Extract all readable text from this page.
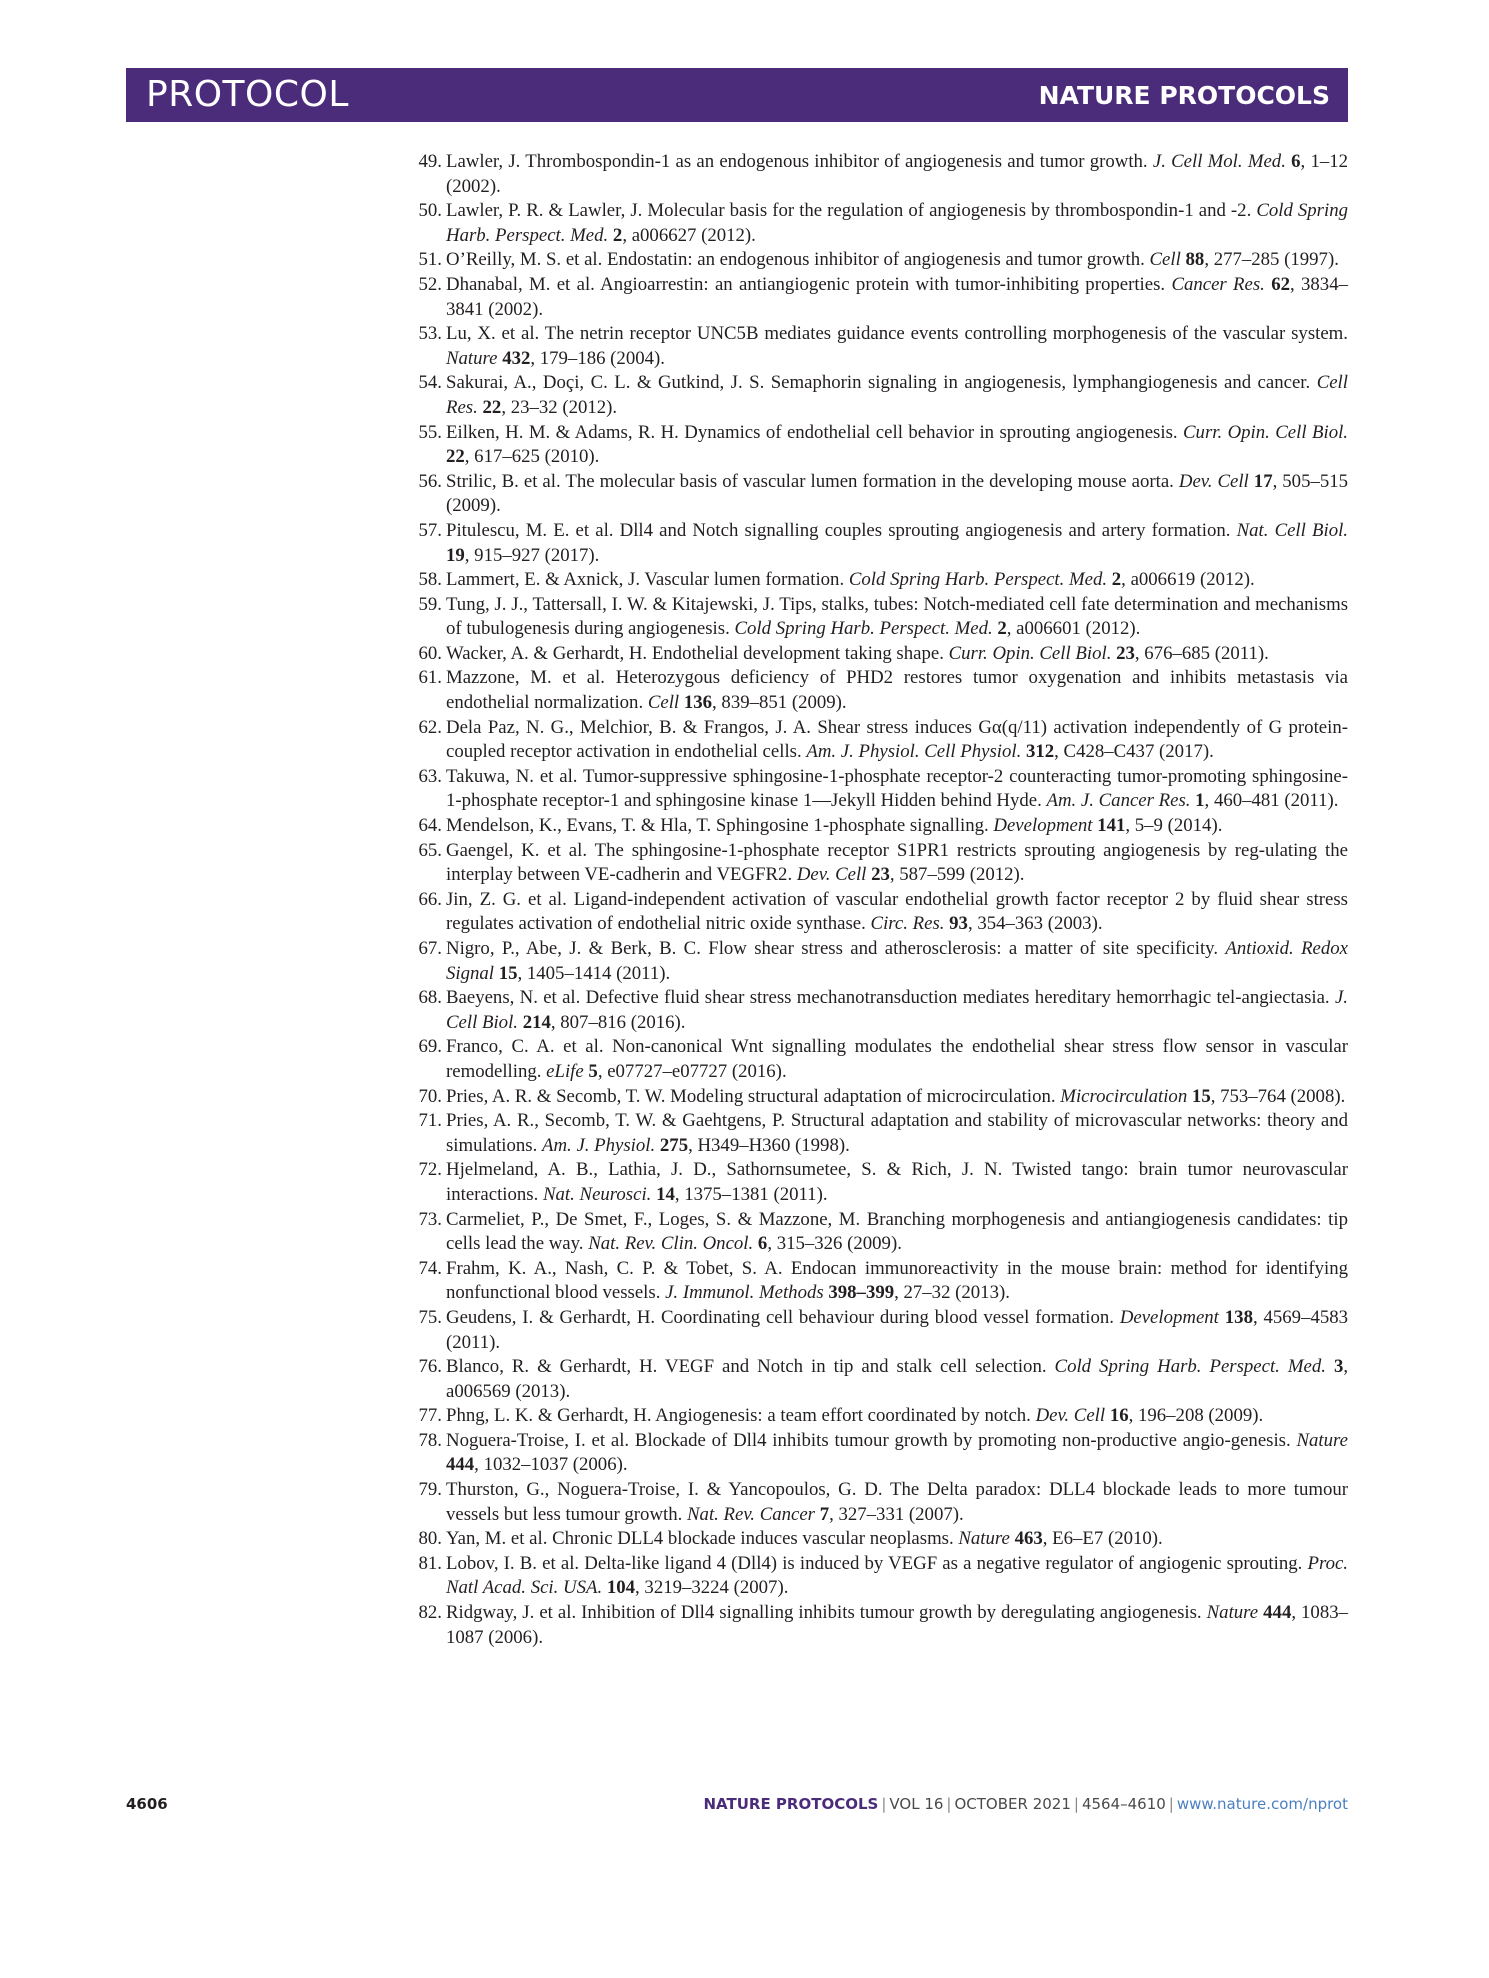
PROTOCOL	NATURE PROTOCOLS
49. Lawler, J. Thrombospondin-1 as an endogenous inhibitor of angiogenesis and tumor growth. J. Cell Mol. Med. 6, 1–12 (2002).
50. Lawler, P. R. & Lawler, J. Molecular basis for the regulation of angiogenesis by thrombospondin-1 and -2. Cold Spring Harb. Perspect. Med. 2, a006627 (2012).
51. O’Reilly, M. S. et al. Endostatin: an endogenous inhibitor of angiogenesis and tumor growth. Cell 88, 277–285 (1997).
52. Dhanabal, M. et al. Angioarrestin: an antiangiogenic protein with tumor-inhibiting properties. Cancer Res. 62, 3834–3841 (2002).
53. Lu, X. et al. The netrin receptor UNC5B mediates guidance events controlling morphogenesis of the vascular system. Nature 432, 179–186 (2004).
54. Sakurai, A., Doçi, C. L. & Gutkind, J. S. Semaphorin signaling in angiogenesis, lymphangiogenesis and cancer. Cell Res. 22, 23–32 (2012).
55. Eilken, H. M. & Adams, R. H. Dynamics of endothelial cell behavior in sprouting angiogenesis. Curr. Opin. Cell Biol. 22, 617–625 (2010).
56. Strilic, B. et al. The molecular basis of vascular lumen formation in the developing mouse aorta. Dev. Cell 17, 505–515 (2009).
57. Pitulescu, M. E. et al. Dll4 and Notch signalling couples sprouting angiogenesis and artery formation. Nat. Cell Biol. 19, 915–927 (2017).
58. Lammert, E. & Axnick, J. Vascular lumen formation. Cold Spring Harb. Perspect. Med. 2, a006619 (2012).
59. Tung, J. J., Tattersall, I. W. & Kitajewski, J. Tips, stalks, tubes: Notch-mediated cell fate determination and mechanisms of tubulogenesis during angiogenesis. Cold Spring Harb. Perspect. Med. 2, a006601 (2012).
60. Wacker, A. & Gerhardt, H. Endothelial development taking shape. Curr. Opin. Cell Biol. 23, 676–685 (2011).
61. Mazzone, M. et al. Heterozygous deficiency of PHD2 restores tumor oxygenation and inhibits metastasis via endothelial normalization. Cell 136, 839–851 (2009).
62. Dela Paz, N. G., Melchior, B. & Frangos, J. A. Shear stress induces Gα(q/11) activation independently of G protein-coupled receptor activation in endothelial cells. Am. J. Physiol. Cell Physiol. 312, C428–C437 (2017).
63. Takuwa, N. et al. Tumor-suppressive sphingosine-1-phosphate receptor-2 counteracting tumor-promoting sphingosine-1-phosphate receptor-1 and sphingosine kinase 1—Jekyll Hidden behind Hyde. Am. J. Cancer Res. 1, 460–481 (2011).
64. Mendelson, K., Evans, T. & Hla, T. Sphingosine 1-phosphate signalling. Development 141, 5–9 (2014).
65. Gaengel, K. et al. The sphingosine-1-phosphate receptor S1PR1 restricts sprouting angiogenesis by reg-ulating the interplay between VE-cadherin and VEGFR2. Dev. Cell 23, 587–599 (2012).
66. Jin, Z. G. et al. Ligand-independent activation of vascular endothelial growth factor receptor 2 by fluid shear stress regulates activation of endothelial nitric oxide synthase. Circ. Res. 93, 354–363 (2003).
67. Nigro, P., Abe, J. & Berk, B. C. Flow shear stress and atherosclerosis: a matter of site specificity. Antioxid. Redox Signal 15, 1405–1414 (2011).
68. Baeyens, N. et al. Defective fluid shear stress mechanotransduction mediates hereditary hemorrhagic tel-angiectasia. J. Cell Biol. 214, 807–816 (2016).
69. Franco, C. A. et al. Non-canonical Wnt signalling modulates the endothelial shear stress flow sensor in vascular remodelling. eLife 5, e07727–e07727 (2016).
70. Pries, A. R. & Secomb, T. W. Modeling structural adaptation of microcirculation. Microcirculation 15, 753–764 (2008).
71. Pries, A. R., Secomb, T. W. & Gaehtgens, P. Structural adaptation and stability of microvascular networks: theory and simulations. Am. J. Physiol. 275, H349–H360 (1998).
72. Hjelmeland, A. B., Lathia, J. D., Sathornsumetee, S. & Rich, J. N. Twisted tango: brain tumor neurovascular interactions. Nat. Neurosci. 14, 1375–1381 (2011).
73. Carmeliet, P., De Smet, F., Loges, S. & Mazzone, M. Branching morphogenesis and antiangiogenesis candidates: tip cells lead the way. Nat. Rev. Clin. Oncol. 6, 315–326 (2009).
74. Frahm, K. A., Nash, C. P. & Tobet, S. A. Endocan immunoreactivity in the mouse brain: method for identifying nonfunctional blood vessels. J. Immunol. Methods 398–399, 27–32 (2013).
75. Geudens, I. & Gerhardt, H. Coordinating cell behaviour during blood vessel formation. Development 138, 4569–4583 (2011).
76. Blanco, R. & Gerhardt, H. VEGF and Notch in tip and stalk cell selection. Cold Spring Harb. Perspect. Med. 3, a006569 (2013).
77. Phng, L. K. & Gerhardt, H. Angiogenesis: a team effort coordinated by notch. Dev. Cell 16, 196–208 (2009).
78. Noguera-Troise, I. et al. Blockade of Dll4 inhibits tumour growth by promoting non-productive angio-genesis. Nature 444, 1032–1037 (2006).
79. Thurston, G., Noguera-Troise, I. & Yancopoulos, G. D. The Delta paradox: DLL4 blockade leads to more tumour vessels but less tumour growth. Nat. Rev. Cancer 7, 327–331 (2007).
80. Yan, M. et al. Chronic DLL4 blockade induces vascular neoplasms. Nature 463, E6–E7 (2010).
81. Lobov, I. B. et al. Delta-like ligand 4 (Dll4) is induced by VEGF as a negative regulator of angiogenic sprouting. Proc. Natl Acad. Sci. USA. 104, 3219–3224 (2007).
82. Ridgway, J. et al. Inhibition of Dll4 signalling inhibits tumour growth by deregulating angiogenesis. Nature 444, 1083–1087 (2006).
4606	NATURE PROTOCOLS | VOL 16 | OCTOBER 2021 | 4564–4610 | www.nature.com/nprot
